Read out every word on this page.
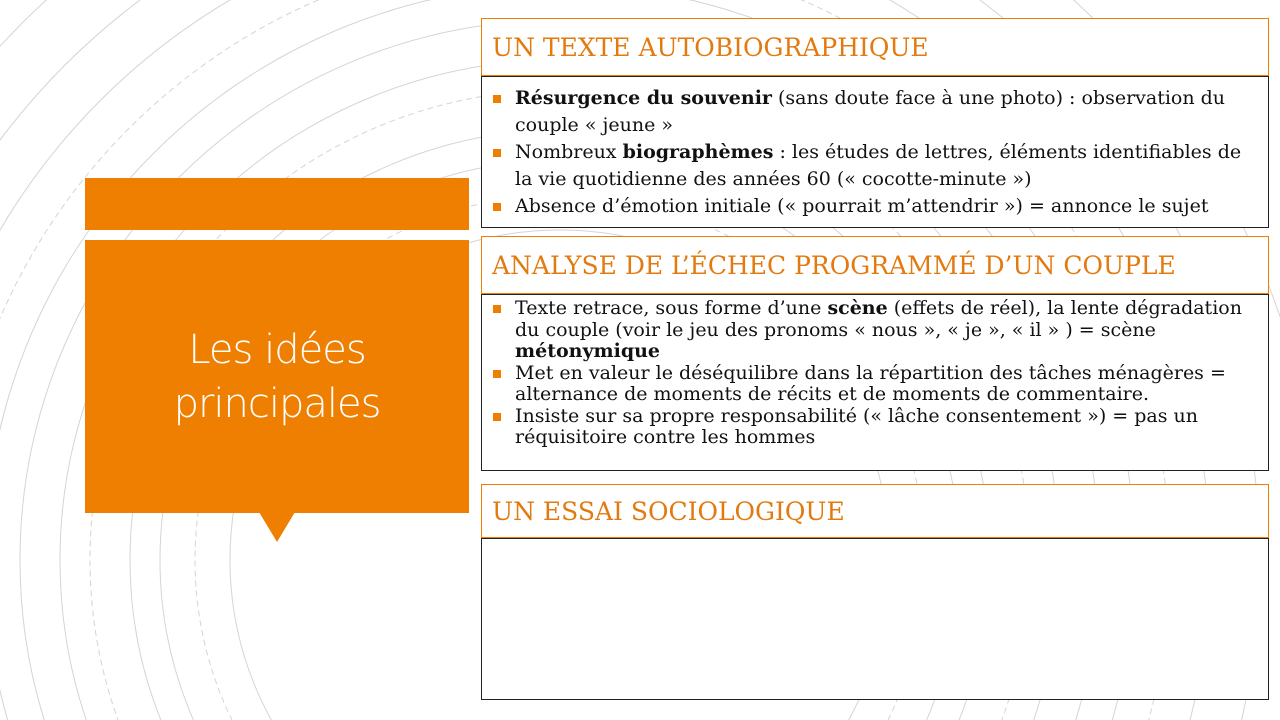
Les idées
principales
UN TEXTE AUTOBIOGRAPHIQUE
Résurgence du souvenir (sans doute face à une photo) : observation du couple « jeune »
Nombreux biographèmes : les études de lettres, éléments identifiables de la vie quotidienne des années 60 (« cocotte-minute »)
Absence d’émotion initiale (« pourrait m’attendrir ») = annonce le sujet
ANALYSE DE L’ÉCHEC PROGRAMMÉ D’UN COUPLE
Texte retrace, sous forme d’une scène (effets de réel), la lente dégradation du couple (voir le jeu des pronoms « nous », « je », « il » ) = scène métonymique
Met en valeur le déséquilibre dans la répartition des tâches ménagères = alternance de moments de récits et de moments de commentaire.
Insiste sur sa propre responsabilité (« lâche consentement ») = pas un réquisitoire contre les hommes
UN ESSAI SOCIOLOGIQUE
